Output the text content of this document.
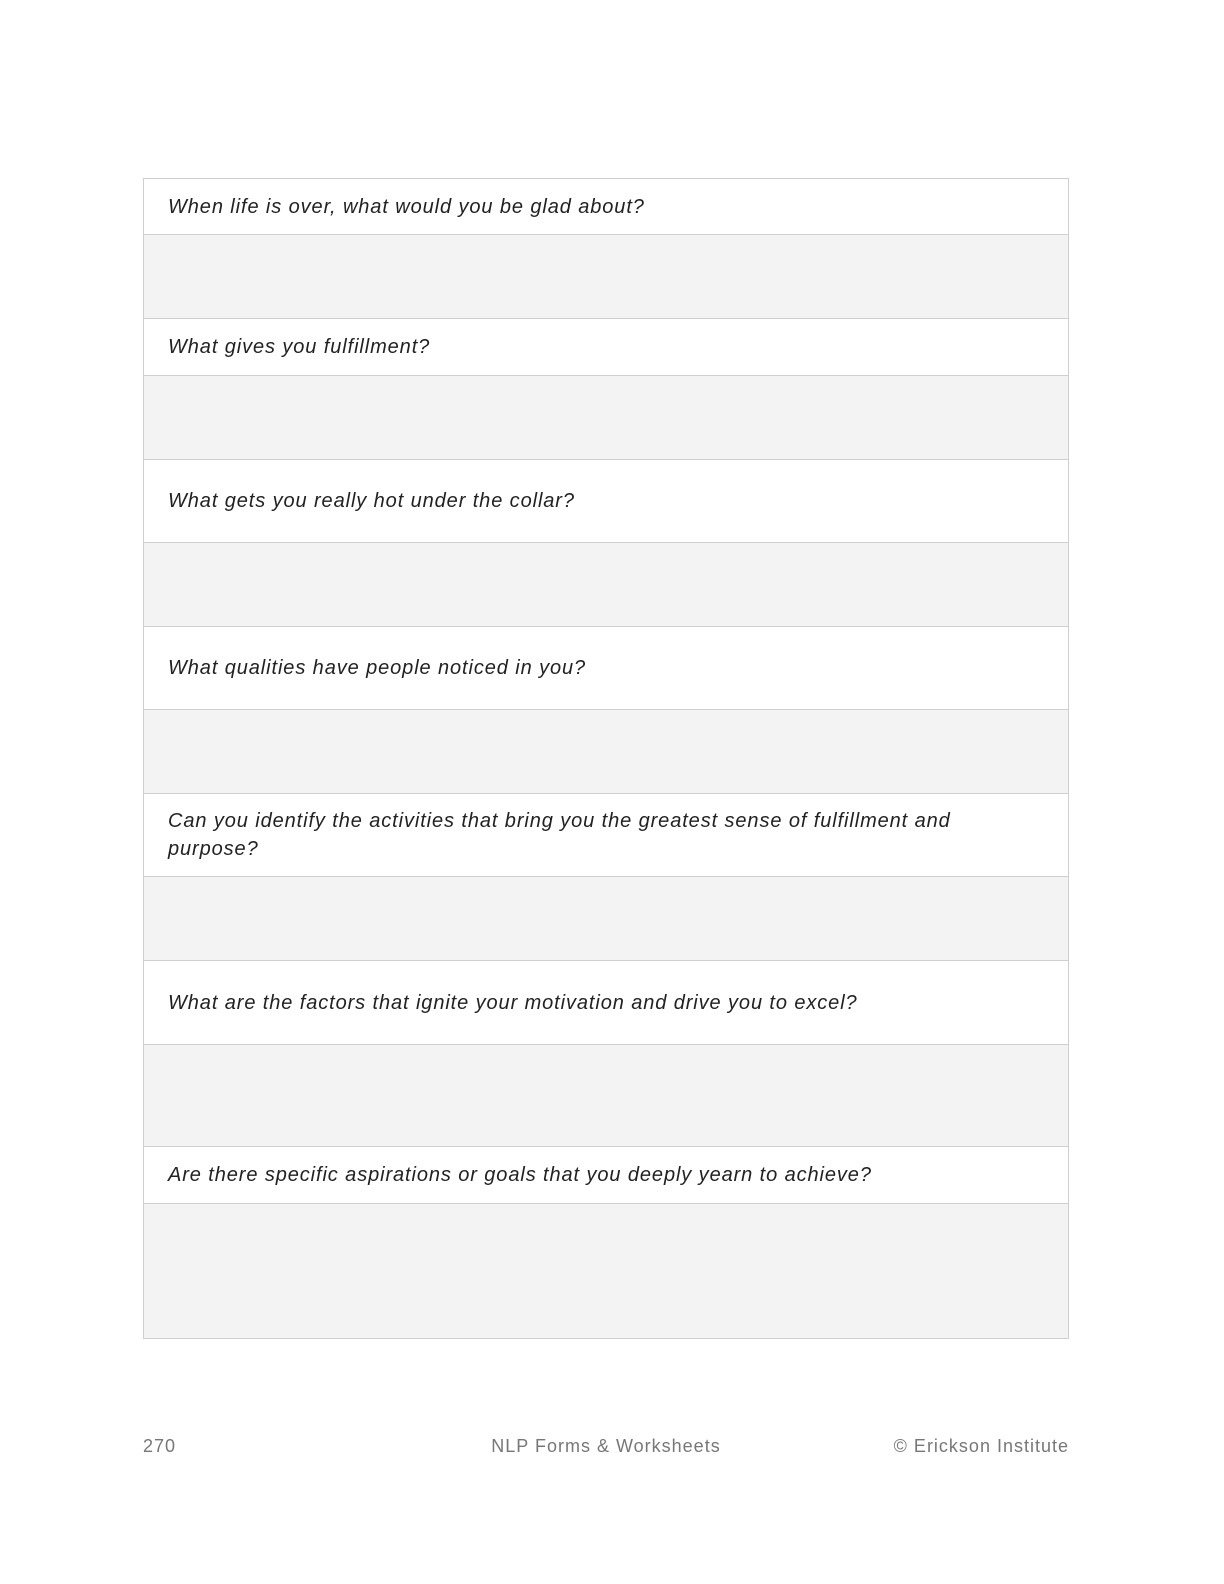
When life is over, what would you be glad about?
What gives you fulfillment?
What gets you really hot under the collar?
What qualities have people noticed in you?
Can you identify the activities that bring you the greatest sense of fulfillment and purpose?
What are the factors that ignite your motivation and drive you to excel?
Are there specific aspirations or goals that you deeply yearn to achieve?
270	NLP Forms & Worksheets	© Erickson Institute
